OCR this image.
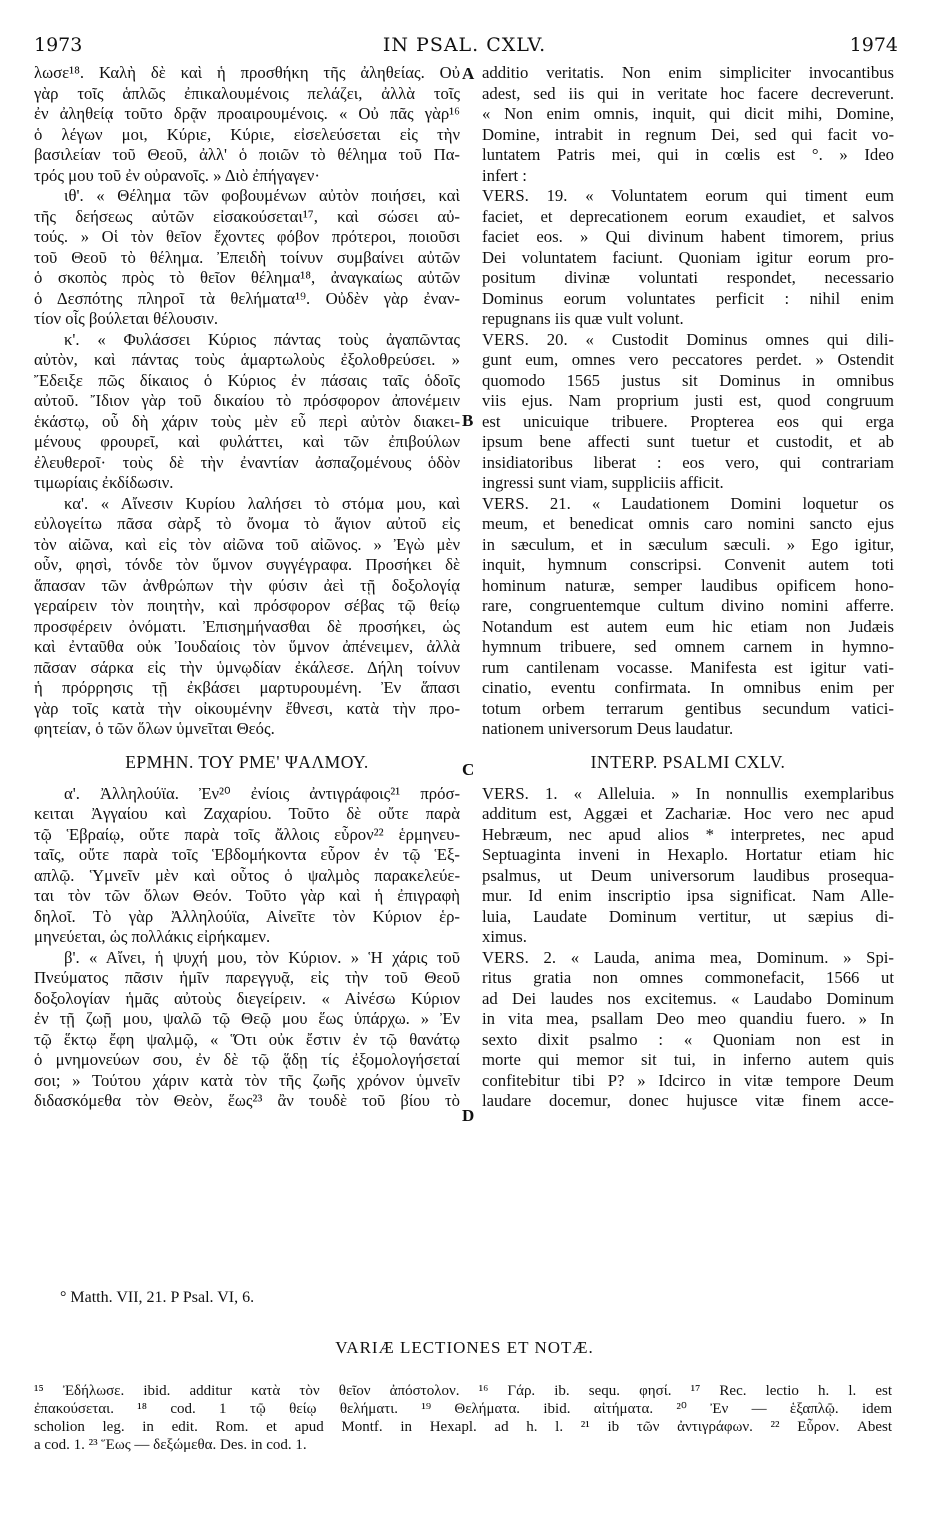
1973	IN PSAL. CXLV.	1974
λωσε¹⁸. Καλὴ δὲ καὶ ἡ προσθήκη τῆς ἀληθείας. Οὐ
γὰρ τοῖς ἁπλῶς ἐπικαλουμένοις πελάζει, ἀλλὰ τοῖς
ἐν ἀληθείᾳ τοῦτο δρᾷν προαιρουμένοις. « Οὐ πᾶς γὰρ¹⁶
ὁ λέγων μοι, Κύριε, Κύριε, εἰσελεύσεται εἰς τὴν
βασιλείαν τοῦ Θεοῦ, ἀλλ' ὁ ποιῶν τὸ θέλημα τοῦ Πα-
τρός μου τοῦ ἐν οὐρανοῖς. » Διὸ ἐπήγαγεν·
ιθ'. « Θέλημα τῶν φοβουμένων αὐτὸν ποιήσει, καὶ
τῆς δεήσεως αὐτῶν εἰσακούσεται¹⁷, καὶ σώσει αὐ-
τούς. » Οἱ τὸν θεῖον ἔχοντες φόβον πρότεροι, ποιοῦσι
τοῦ Θεοῦ τὸ θέλημα. Ἐπειδὴ τοίνυν συμβαίνει αὐτῶν
ὁ σκοπὸς πρὸς τὸ θεῖον θέλημα¹⁸, ἀναγκαίως αὐτῶν
ὁ Δεσπότης πληροῖ τὰ θελήματα¹⁹. Οὐδὲν γὰρ ἐναν-
τίον οἷς βούλεται θέλουσιν.
κ'. « Φυλάσσει Κύριος πάντας τοὺς ἀγαπῶντας
αὐτὸν, καὶ πάντας τοὺς ἁμαρτωλοὺς ἐξολοθρεύσει. »
Ἔδειξε πῶς δίκαιος ὁ Κύριος ἐν πάσαις ταῖς ὁδοῖς
αὐτοῦ. Ἴδιον γὰρ τοῦ δικαίου τὸ πρόσφορον ἀπονέμειν
ἑκάστῳ, οὗ δὴ χάριν τοὺς μὲν εὖ περὶ αὐτὸν διακει-
μένους φρουρεῖ, καὶ φυλάττει, καὶ τῶν ἐπιβούλων
ἐλευθεροῖ· τοὺς δὲ τὴν ἐναντίαν ἀσπαζομένους ὁδὸν
τιμωρίαις ἐκδίδωσιν.
κα'. « Αἴνεσιν Κυρίου λαλήσει τὸ στόμα μου, καὶ
εὐλογείτω πᾶσα σὰρξ τὸ ὄνομα τὸ ἅγιον αὐτοῦ εἰς
τὸν αἰῶνα, καὶ εἰς τὸν αἰῶνα τοῦ αἰῶνος. » Ἐγὼ μὲν
οὖν, φησὶ, τόνδε τὸν ὕμνον συγγέγραφα. Προσήκει δὲ
ἅπασαν τῶν ἀνθρώπων τὴν φύσιν ἀεὶ τῇ δοξολογίᾳ
γεραίρειν τὸν ποιητὴν, καὶ πρόσφορον σέβας τῷ θείῳ
προσφέρειν ὀνόματι. Ἐπισημήνασθαι δὲ προσήκει, ὡς
καὶ ἐνταῦθα οὐκ Ἰουδαίοις τὸν ὕμνον ἀπένειμεν, ἀλλὰ
πᾶσαν σάρκα εἰς τὴν ὑμνῳδίαν ἐκάλεσε. Δήλη τοίνυν
ἡ πρόρρησις τῇ ἐκβάσει μαρτυρουμένη. Ἐν ἅπασι
γὰρ τοῖς κατὰ τὴν οἰκουμένην ἔθνεσι, κατὰ τὴν προ-
φητείαν, ὁ τῶν ὅλων ὑμνεῖται Θεός.
ΕΡΜΗΝ. ΤΟΥ ΡΜΕ' ΨΑΛΜΟΥ.
α'. Ἀλληλούϊα. Ἐν²⁰ ἐνίοις ἀντιγράφοις²¹ πρόσ-
κειται Ἀγγαίου καὶ Ζαχαρίου. Τοῦτο δὲ οὔτε παρὰ
τῷ Ἑβραίῳ, οὔτε παρὰ τοῖς ἄλλοις εὗρον²² ἑρμηνευ-
ταῖς, οὔτε παρὰ τοῖς Ἑβδομήκοντα εὗρον ἐν τῷ Ἑξ-
απλῷ. Ὑμνεῖν μὲν καὶ οὗτος ὁ ψαλμὸς παρακελεύε-
ται τὸν τῶν ὅλων Θεόν. Τοῦτο γὰρ καὶ ἡ ἐπιγραφὴ
δηλοῖ. Τὸ γὰρ Ἀλληλούϊα, Αἰνεῖτε τὸν Κύριον ἑρ-
μηνεύεται, ὡς πολλάκις εἰρήκαμεν.
β'. « Αἴνει, ἡ ψυχή μου, τὸν Κύριον. » Ἡ χάρις τοῦ
Πνεύματος πᾶσιν ἡμῖν παρεγγυᾷ, εἰς τὴν τοῦ Θεοῦ
δοξολογίαν ἡμᾶς αὐτοὺς διεγείρειν. « Αἰνέσω Κύριον
ἐν τῇ ζωῇ μου, ψαλῶ τῷ Θεῷ μου ἕως ὑπάρχω. » Ἐν
τῷ ἕκτῳ ἔφη ψαλμῷ, « Ὅτι οὐκ ἔστιν ἐν τῷ θανάτῳ
ὁ μνημονεύων σου, ἐν δὲ τῷ ᾅδῃ τίς ἐξομολογήσεταί
σοι; » Τούτου χάριν κατὰ τὸν τῆς ζωῆς χρόνον ὑμνεῖν
διδασκόμεθα τὸν Θεὸν, ἕως²³ ἂν τουδὲ τοῦ βίου τὸ
additio veritatis. Non enim simpliciter invocantibus
adest, sed iis qui in veritate hoc facere decreverunt.
« Non enim omnis, inquit, qui dicit mihi, Domine,
Domine, intrabit in regnum Dei, sed qui facit vo-
luntatem Patris mei, qui in cœlis est °. » Ideo
infert :
VERS. 19. « Voluntatem eorum qui timent eum
faciet, et deprecationem eorum exaudiet, et salvos
faciet eos. » Qui divinum habent timorem, prius
Dei voluntatem faciunt. Quoniam igitur eorum pro-
positum divinæ voluntati respondet, necessario
Dominus eorum voluntates perficit : nihil enim
repugnans iis quæ vult volunt.
VERS. 20. « Custodit Dominus omnes qui dili-
gunt eum, omnes vero peccatores perdet. » Ostendit
quomodo 1565 justus sit Dominus in omnibus
viis ejus. Nam proprium justi est, quod congruum
est unicuique tribuere. Propterea eos qui erga
ipsum bene affecti sunt tuetur et custodit, et ab
insidiatoribus liberat : eos vero, qui contrariam
ingressi sunt viam, suppliciis afficit.
VERS. 21. « Laudationem Domini loquetur os
meum, et benedicat omnis caro nomini sancto ejus
in sæculum, et in sæculum sæculi. » Ego igitur,
inquit, hymnum conscripsi. Convenit autem toti
hominum naturæ, semper laudibus opificem hono-
rare, congruentemque cultum divino nomini afferre.
Notandum est autem eum hic etiam non Judæis
hymnum tribuere, sed omnem carnem in hymno-
rum cantilenam vocasse. Manifesta est igitur vati-
cinatio, eventu confirmata. In omnibus enim per
totum orbem terrarum gentibus secundum vatici-
nationem universorum Deus laudatur.
INTERP. PSALMI CXLV.
VERS. 1. « Alleluia. » In nonnullis exemplaribus
additum est, Aggæi et Zachariæ. Hoc vero nec apud
Hebræum, nec apud alios * interpretes, nec apud
Septuaginta inveni in Hexaplo. Hortatur etiam hic
psalmus, ut Deum universorum laudibus prosequa-
mur. Id enim inscriptio ipsa significat. Nam Alle-
luia, Laudate Dominum vertitur, ut sæpius di-
ximus.
VERS. 2. « Lauda, anima mea, Dominum. » Spi-
ritus gratia non omnes commonefacit, 1566 ut
ad Dei laudes nos excitemus. « Laudabo Dominum
in vita mea, psallam Deo meo quandiu fuero. » In
sexto dixit psalmo : « Quoniam non est in
morte qui memor sit tui, in inferno autem quis
confitebitur tibi P? » Idcirco in vitæ tempore Deum
laudare docemur, donec hujusce vitæ finem acce-
A
B
C
D
° Matth. VII, 21. P Psal. VI, 6.
VARIÆ LECTIONES ET NOTÆ.
¹⁵ Ἐδήλωσε. ibid. additur κατὰ τὸν θεῖον ἀπόστολον. ¹⁶ Γάρ. ib. sequ. φησί. ¹⁷ Rec. lectio h. l. est
ἐπακούσεται. ¹⁸ cod. 1 τῷ θείῳ θελήματι. ¹⁹ Θελήματα. ibid. αἰτήματα. ²⁰ Ἐν — ἑξαπλῷ. idem
scholion leg. in edit. Rom. et apud Montf. in Hexapl. ad h. l. ²¹ ib τῶν ἀντιγράφων. ²² Εὗρον. Abest
a cod. 1. ²³ Ἕως — δεξώμεθα. Des. in cod. 1.
